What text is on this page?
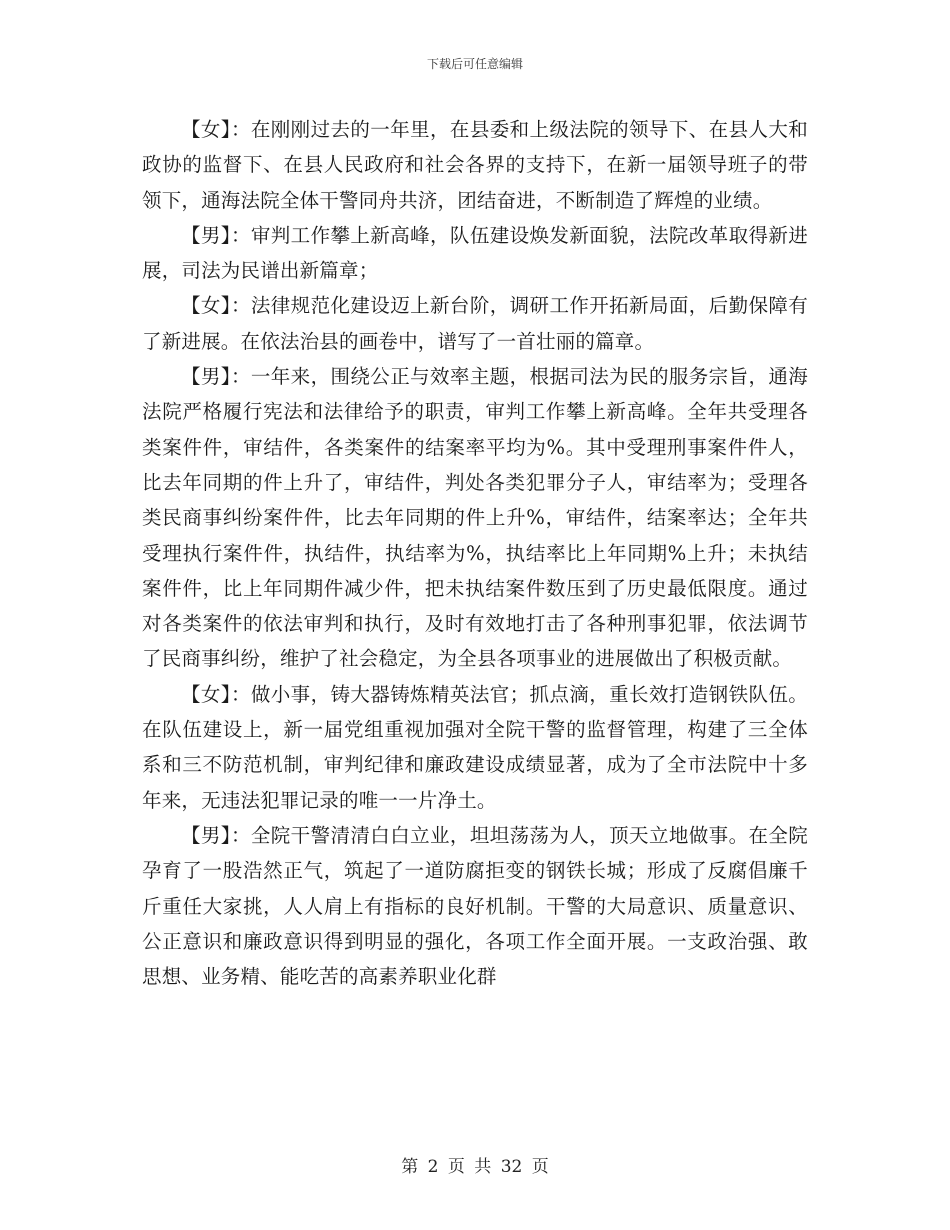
下载后可任意编辑

【女】：在刚刚过去的一年里，在县委和上级法院的领导下、在县人大和政协的监督下、在县人民政府和社会各界的支持下，在新一届领导班子的带领下，通海法院全体干警同舟共济，团结奋进，不断制造了辉煌的业绩。

【男】：审判工作攀上新高峰，队伍建设焕发新面貌，法院改革取得新进展，司法为民谱出新篇章；

【女】：法律规范化建设迈上新台阶，调研工作开拓新局面，后勤保障有了新进展。在依法治县的画卷中，谱写了一首壮丽的篇章。

【男】：一年来，围绕公正与效率主题，根据司法为民的服务宗旨，通海法院严格履行宪法和法律给予的职责，审判工作攀上新高峰。全年共受理各类案件件，审结件，各类案件的结案率平均为%。其中受理刑事案件件人，比去年同期的件上升了，审结件，判处各类犯罪分子人，审结率为；受理各类民商事纠纷案件件，比去年同期的件上升%，审结件，结案率达；全年共受理执行案件件，执结件，执结率为%，执结率比上年同期%上升；未执结案件件，比上年同期件减少件，把未执结案件数压到了历史最低限度。通过对各类案件的依法审判和执行，及时有效地打击了各种刑事犯罪，依法调节了民商事纠纷，维护了社会稳定，为全县各项事业的进展做出了积极贡献。

【女】：做小事，铸大器铸炼精英法官；抓点滴，重长效打造钢铁队伍。在队伍建设上，新一届党组重视加强对全院干警的监督管理，构建了三全体系和三不防范机制，审判纪律和廉政建设成绩显著，成为了全市法院中十多年来，无违法犯罪记录的唯一一片净土。

【男】：全院干警清清白白立业，坦坦荡荡为人，顶天立地做事。在全院孕育了一股浩然正气，筑起了一道防腐拒变的钢铁长城；形成了反腐倡廉千斤重任大家挑，人人肩上有指标的良好机制。干警的大局意识、质量意识、公正意识和廉政意识得到明显的强化，各项工作全面开展。一支政治强、敢思想、业务精、能吃苦的高素养职业化群

第 2 页 共 32 页
